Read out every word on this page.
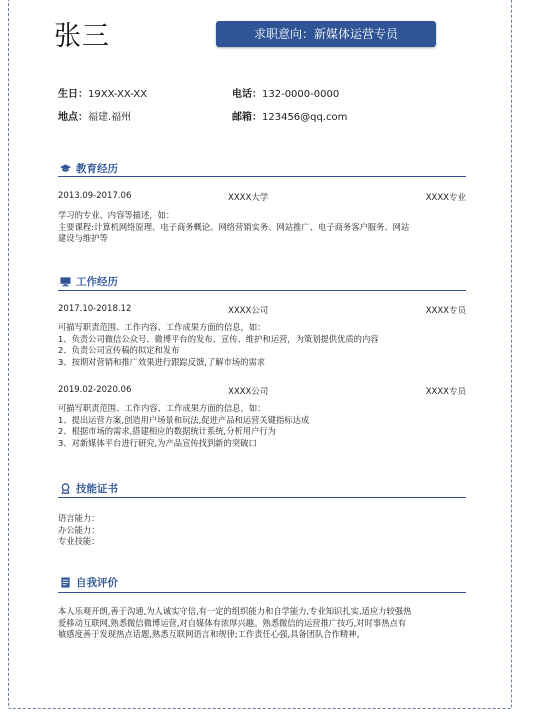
张三	求职意向：新媒体运营专员
生日：19XX-XX-XX	电话：132-0000-0000
地点：福建.福州	邮箱：123456@qq.com
教育经历
2013.09-2017.06	XXXX大学	XXXX专业
学习的专业、内容等描述，如：
主要课程:计算机网络原理、电子商务概论、网络营销实务、网站推广、电子商务客户服务、网站
建设与维护等
工作经历
2017.10-2018.12	XXXX公司	XXXX专员
可描写职责范围、工作内容、工作成果方面的信息，如：
1、负责公司微信公众号、微博平台的发布、宣传、维护和运营，为策划提供优质的内容
2、负责公司宣传稿的拟定和发布
3、按期对营销和推广效果进行跟踪反馈,了解市场的需求
2019.02-2020.06	XXXX公司	XXXX专员
可描写职责范围、工作内容、工作成果方面的信息，如：
1、提出运营方案,创造用户场景和玩法,促进产品和运营关键指标达成
2、根据市场的需求,搭建相应的数据统计系统,分析用户行为
3、对新媒体平台进行研究,为产品宣传找到新的突破口
技能证书
语言能力：
办公能力：
专业技能：
自我评价
本人乐观开朗,善于沟通,为人诚实守信,有一定的组织能力和自学能力,专业知识扎实,适应力较强热
爱移动互联网,熟悉微信微博运营,对自媒体有浓厚兴趣。熟悉微信的运营推广技巧,对时事热点有
敏感度善于发现热点话题,熟悉互联网语言和规律;工作责任心强,具备团队合作精神。
